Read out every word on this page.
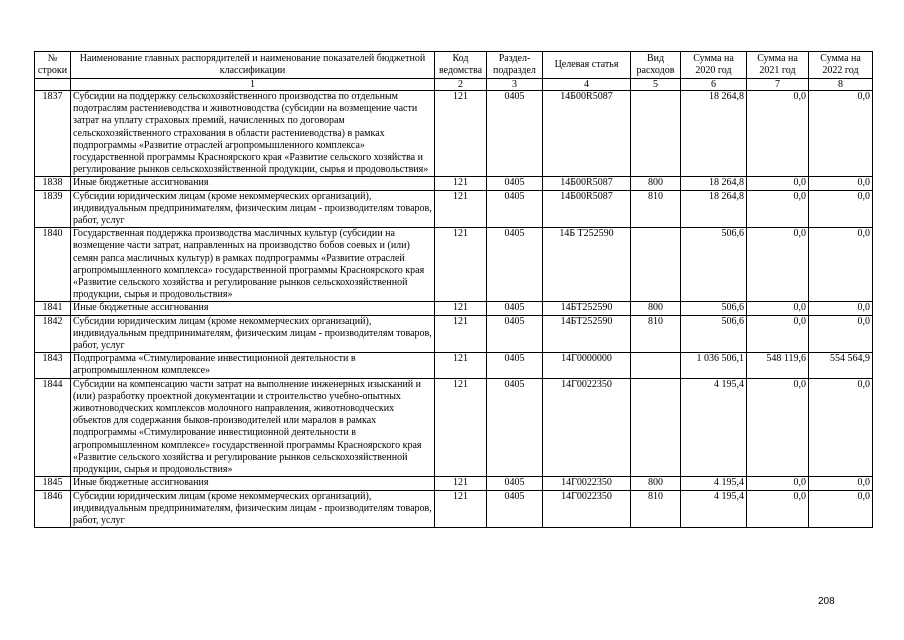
№ строки	Наименование главных распорядителей и наименование показателей бюджетной классификации	Код ведомства	Раздел-подраздел	Целевая статья	Вид расходов	Сумма на 2020 год	Сумма на 2021 год	Сумма на 2022 год
	1	2	3	4	5	6	7	8
1837	Субсидии на поддержку сельскохозяйственного производства по отдельным подотраслям растениеводства и животноводства (субсидии на возмещение части затрат на уплату страховых премий, начисленных по договорам сельскохозяйственного страхования в области растениеводства) в рамках подпрограммы «Развитие отраслей агропромышленного комплекса» государственной программы Красноярского края «Развитие сельского хозяйства и регулирование рынков сельскохозяйственной продукции, сырья и продовольствия»	121	0405	14Б00R5087		18 264,8	0,0	0,0
1838	Иные бюджетные ассигнования	121	0405	14Б00R5087	800	18 264,8	0,0	0,0
1839	Субсидии юридическим лицам (кроме некоммерческих организаций), индивидуальным предпринимателям, физическим лицам - производителям товаров, работ, услуг	121	0405	14Б00R5087	810	18 264,8	0,0	0,0
1840	Государственная поддержка производства масличных культур (субсидии на возмещение части затрат, направленных на производство бобов соевых и (или) семян рапса масличных культур) в рамках подпрограммы «Развитие отраслей агропромышленного комплекса» государственной программы Красноярского края «Развитие сельского хозяйства и регулирование рынков сельскохозяйственной продукции, сырья и продовольствия»	121	0405	14Б Т252590		506,6	0,0	0,0
1841	Иные бюджетные ассигнования	121	0405	14БТ252590	800	506,6	0,0	0,0
1842	Субсидии юридическим лицам (кроме некоммерческих организаций), индивидуальным предпринимателям, физическим лицам - производителям товаров, работ, услуг	121	0405	14БТ252590	810	506,6	0,0	0,0
1843	Подпрограмма «Стимулирование инвестиционной деятельности в агропромышленном комплексе»	121	0405	14Г0000000		1 036 506,1	548 119,6	554 564,9
1844	Субсидии на компенсацию части затрат на выполнение инженерных изысканий и (или) разработку проектной документации и строительство учебно-опытных животноводческих комплексов молочного направления, животноводческих объектов для содержания быков-производителей или маралов в рамках подпрограммы «Стимулирование инвестиционной деятельности в агропромышленном комплексе» государственной программы Красноярского края «Развитие сельского хозяйства и регулирование рынков сельскохозяйственной продукции, сырья и продовольствия»	121	0405	14Г0022350		4 195,4	0,0	0,0
1845	Иные бюджетные ассигнования	121	0405	14Г0022350	800	4 195,4	0,0	0,0
1846	Субсидии юридическим лицам (кроме некоммерческих организаций), индивидуальным предпринимателям, физическим лицам - производителям товаров, работ, услуг	121	0405	14Г0022350	810	4 195,4	0,0	0,0
208
